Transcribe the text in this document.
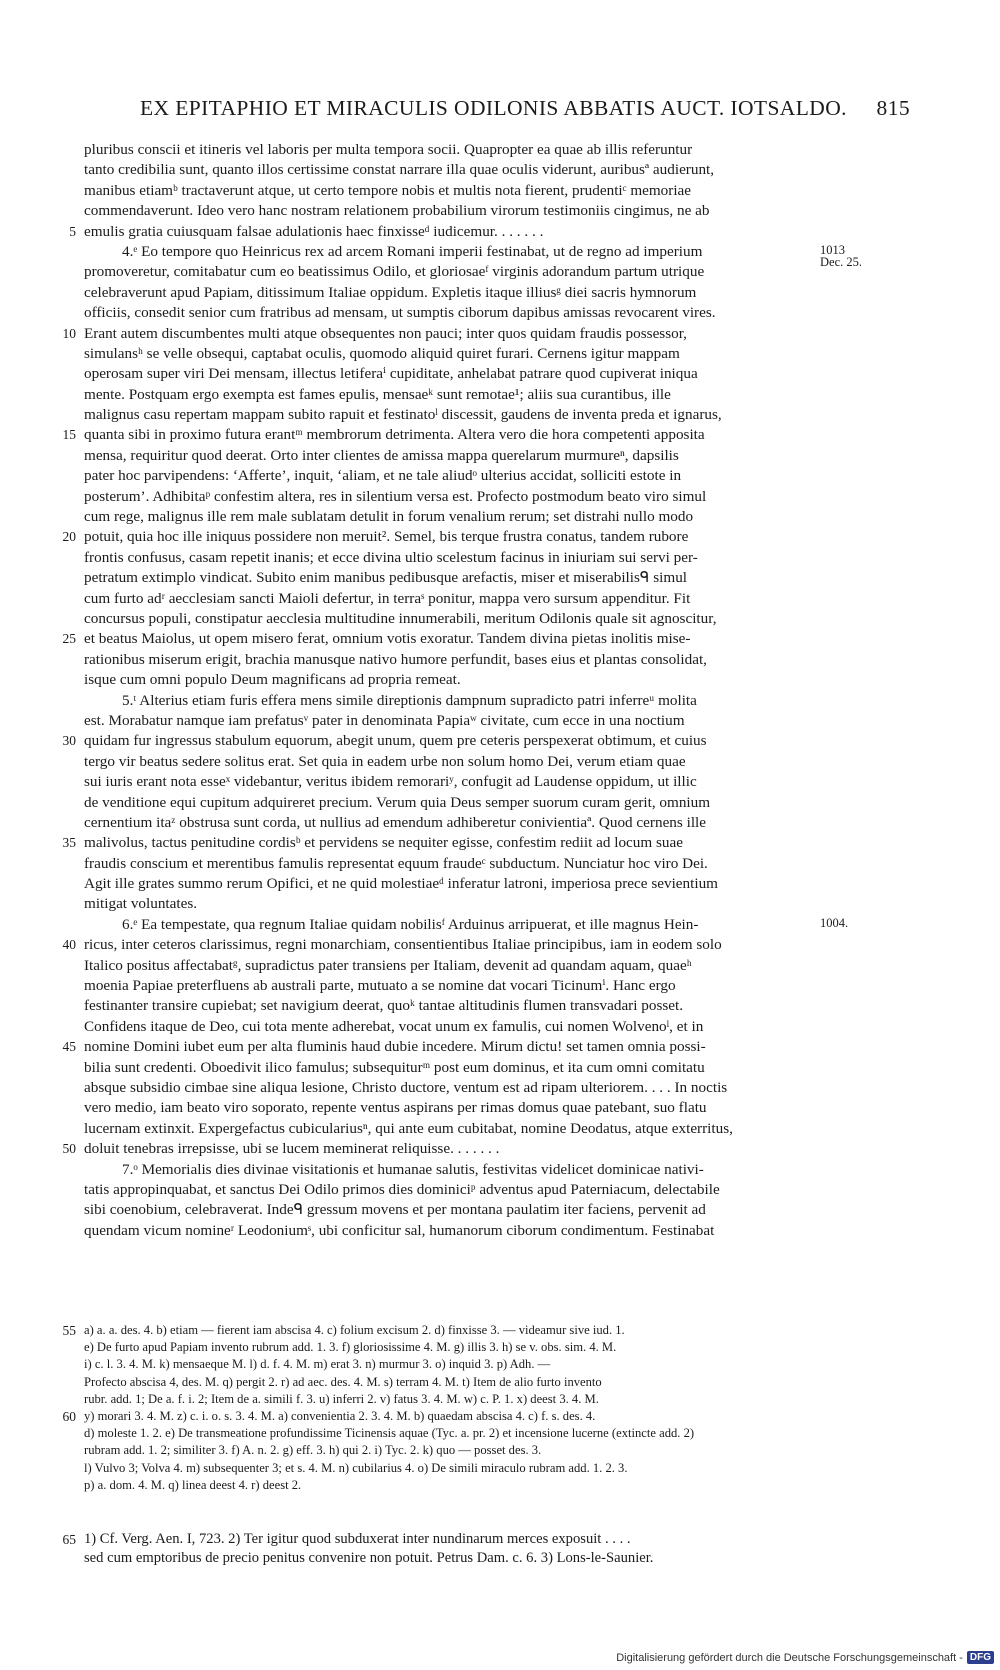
EX EPITAPHIO ET MIRACULIS ODILONIS ABBATIS AUCT. IOTSALDO. 815
pluribus conscii et itineris vel laboris per multa tempora socii. Quapropter ea quae ab illis referuntur
tanto credibilia sunt, quanto illos certissime constat narrare illa quae oculis viderunt, auribusª audierunt,
manibus etiamᵇ tractaverunt atque, ut certo tempore nobis et multis nota fierent, prudentiᶜ memoriae
commendaverunt. Ideo vero hanc nostram relationem probabilium virorum testimoniis cingimus, ne ab
5 emulis gratia cuiusquam falsae adulationis haec finxisseᵈ iudicemur. . . . . . .
4.ᵉ Eo tempore quo Heinricus rex ad arcem Romani imperii festinabat, ut de regno ad imperium
promoveretur, comitabatur cum eo beatissimus Odilo, et gloriosaeᶠ virginis adorandum partum utrique
celebraverunt apud Papiam, ditissimum Italiae oppidum. Expletis itaque illiusᵍ diei sacris hymnorum
officiis, consedit senior cum fratribus ad mensam, ut sumptis ciborum dapibus amissas revocarent vires.
10 Erant autem discumbentes multi atque obsequentes non pauci; inter quos quidam fraudis possessor,
simulansʰ se velle obsequi, captabat oculis, quomodo aliquid quiret furari. Cernens igitur mappam
operosam super viri Dei mensam, illectus letiferaⁱ cupiditate, anhelabat patrare quod cupiverat iniqua
mente. Postquam ergo exempta est fames epulis, mensaeᵏ sunt remotae¹; aliis sua curantibus, ille
malignus casu repertam mappam subito rapuit et festinatoˡ discessit, gaudens de inventa preda et ignarus,
15 quanta sibi in proximo futura erantᵐ membrorum detrimenta. Altera vero die hora competenti apposita
mensa, requiritur quod deerat. Orto inter clientes de amissa mappa querelarum murmureⁿ, dapsilis
pater hoc parvipendens: ‘Afferte’, inquit, ‘aliam, et ne tale aliudᵒ ulterius accidat, solliciti estote in
posterum’. Adhibitaᵖ confestim altera, res in silentium versa est. Profecto postmodum beato viro simul
cum rege, malignus ille rem male sublatam detulit in forum venalium rerum; set distrahi nullo modo
20 potuit, quia hoc ille iniquus possidere non meruit². Semel, bis terque frustra conatus, tandem rubore
frontis confusus, casam repetit inanis; et ecce divina ultio scelestum facinus in iniuriam sui servi per-
petratum extimplo vindicat. Subito enim manibus pedibusque arefactis, miser et miserabilisᑫ simul
cum furto adʳ aecclesiam sancti Maioli defertur, in terraˢ ponitur, mappa vero sursum appenditur. Fit
concursus populi, constipatur aecclesia multitudine innumerabili, meritum Odilonis quale sit agnoscitur,
25 et beatus Maiolus, ut opem misero ferat, omnium votis exoratur. Tandem divina pietas inolitis mise-
rationibus miserum erigit, brachia manusque nativo humore perfundit, bases eius et plantas consolidat,
isque cum omni populo Deum magnificans ad propria remeat.
5.ᵗ Alterius etiam furis effera mens simile direptionis dampnum supradicto patri inferreᵘ molita
est. Morabatur namque iam prefatusᵛ pater in denominata Papiaʷ civitate, cum ecce in una noctium
30 quidam fur ingressus stabulum equorum, abegit unum, quem pre ceteris perspexerat obtimum, et cuius
tergo vir beatus sedere solitus erat. Set quia in eadem urbe non solum homo Dei, verum etiam quae
sui iuris erant nota esseˣ videbantur, veritus ibidem remorariʸ, confugit ad Laudense oppidum, ut illic
de venditione equi cupitum adquireret precium. Verum quia Deus semper suorum curam gerit, omnium
cernentium itaᶻ obstrusa sunt corda, ut nullius ad emendum adhiberetur conivientiaª. Quod cernens ille
35 malivolus, tactus penitudine cordisᵇ et pervidens se nequiter egisse, confestim rediit ad locum suae
fraudis conscium et merentibus famulis representat equum fraudeᶜ subductum. Nunciatur hoc viro Dei.
Agit ille grates summo rerum Opifici, et ne quid molestiaeᵈ inferatur latroni, imperiosa prece sevientium
mitigat voluntates.
6.ᵉ Ea tempestate, qua regnum Italiae quidam nobilisᶠ Arduinus arripuerat, et ille magnus Hein-
40 ricus, inter ceteros clarissimus, regni monarchiam, consentientibus Italiae principibus, iam in eodem solo
Italico positus affectabatᵍ, supradictus pater transiens per Italiam, devenit ad quandam aquam, quaeʰ
moenia Papiae preterfluens ab australi parte, mutuato a se nomine dat vocari Ticinumⁱ. Hanc ergo
festinanter transire cupiebat; set navigium deerat, quoᵏ tantae altitudinis flumen transvadari posset.
Confidens itaque de Deo, cui tota mente adherebat, vocat unum ex famulis, cui nomen Wolvenoˡ, et in
45 nomine Domini iubet eum per alta fluminis haud dubie incedere. Mirum dictu! set tamen omnia possi-
bilia sunt credenti. Oboedivit ilico famulus; subsequiturᵐ post eum dominus, et ita cum omni comitatu
absque subsidio cimbae sine aliqua lesione, Christo ductore, ventum est ad ripam ulteriorem. . . . In noctis
vero medio, iam beato viro soporato, repente ventus aspirans per rimas domus quae patebant, suo flatu
lucernam extinxit. Expergefactus cubiculariusⁿ, qui ante eum cubitabat, nomine Deodatus, atque exterritus,
50 doluit tenebras irrepsisse, ubi se lucem meminerat reliquisse. . . . . . .
7.ᵒ Memorialis dies divinae visitationis et humanae salutis, festivitas videlicet dominicae nativi-
tatis appropinquabat, et sanctus Dei Odilo primos dies dominiciᵖ adventus apud Paterniacum, delectabile
sibi coenobium, celebraverat. Indeᑫ gressum movens et per montana paulatim iter faciens, pervenit ad
quendam vicum nomineʳ Leodoniumˢ, ubi conficitur sal, humanorum ciborum condimentum. Festinabat
1013
Dec. 25.
1004.
55 a) a. a. des. 4. b) etiam — fierent iam abscisa 4. c) folium excisum 2. d) finxisse 3. — videamur sive iud. 1.
e) De furto apud Papiam invento rubrum add. 1. 3. f) gloriosissime 4. M. g) illis 3. h) se v. obs. sim. 4. M.
i) c. l. 3. 4. M. k) mensaeque M. l) d. f. 4. M. m) erat 3. n) murmur 3. o) inquid 3. p) Adh. —
Profecto abscisa 4, des. M. q) pergit 2. r) ad aec. des. 4. M. s) terram 4. M. t) Item de alio furto invento
rubr. add. 1; De a. f. i. 2; Item de a. simili f. 3. u) inferri 2. v) fatus 3. 4. M. w) c. P. 1. x) deest 3. 4. M.
60 y) morari 3. 4. M. z) c. i. o. s. 3. 4. M. a) convenientia 2. 3. 4. M. b) quaedam abscisa 4. c) f. s. des. 4.
d) moleste 1. 2. e) De transmeatione profundissime Ticinensis aquae (Tyc. a. pr. 2) et incensione lucerne (extincte add. 2)
rubram add. 1. 2; similiter 3. f) A. n. 2. g) eff. 3. h) qui 2. i) Tyc. 2. k) quo — posset des. 3.
l) Vulvo 3; Volva 4. m) subsequenter 3; et s. 4. M. n) cubilarius 4. o) De simili miraculo rubram add. 1. 2. 3.
p) a. dom. 4. M. q) linea deest 4. r) deest 2.
65 1) Cf. Verg. Aen. I, 723. 2) Ter igitur quod subduxerat inter nundinarum merces exposuit . . . .
sed cum emptoribus de precio penitus convenire non potuit. Petrus Dam. c. 6. 3) Lons-le-Saunier.
Digitalisierung gefördert durch die Deutsche Forschungsgemeinschaft - DFG
